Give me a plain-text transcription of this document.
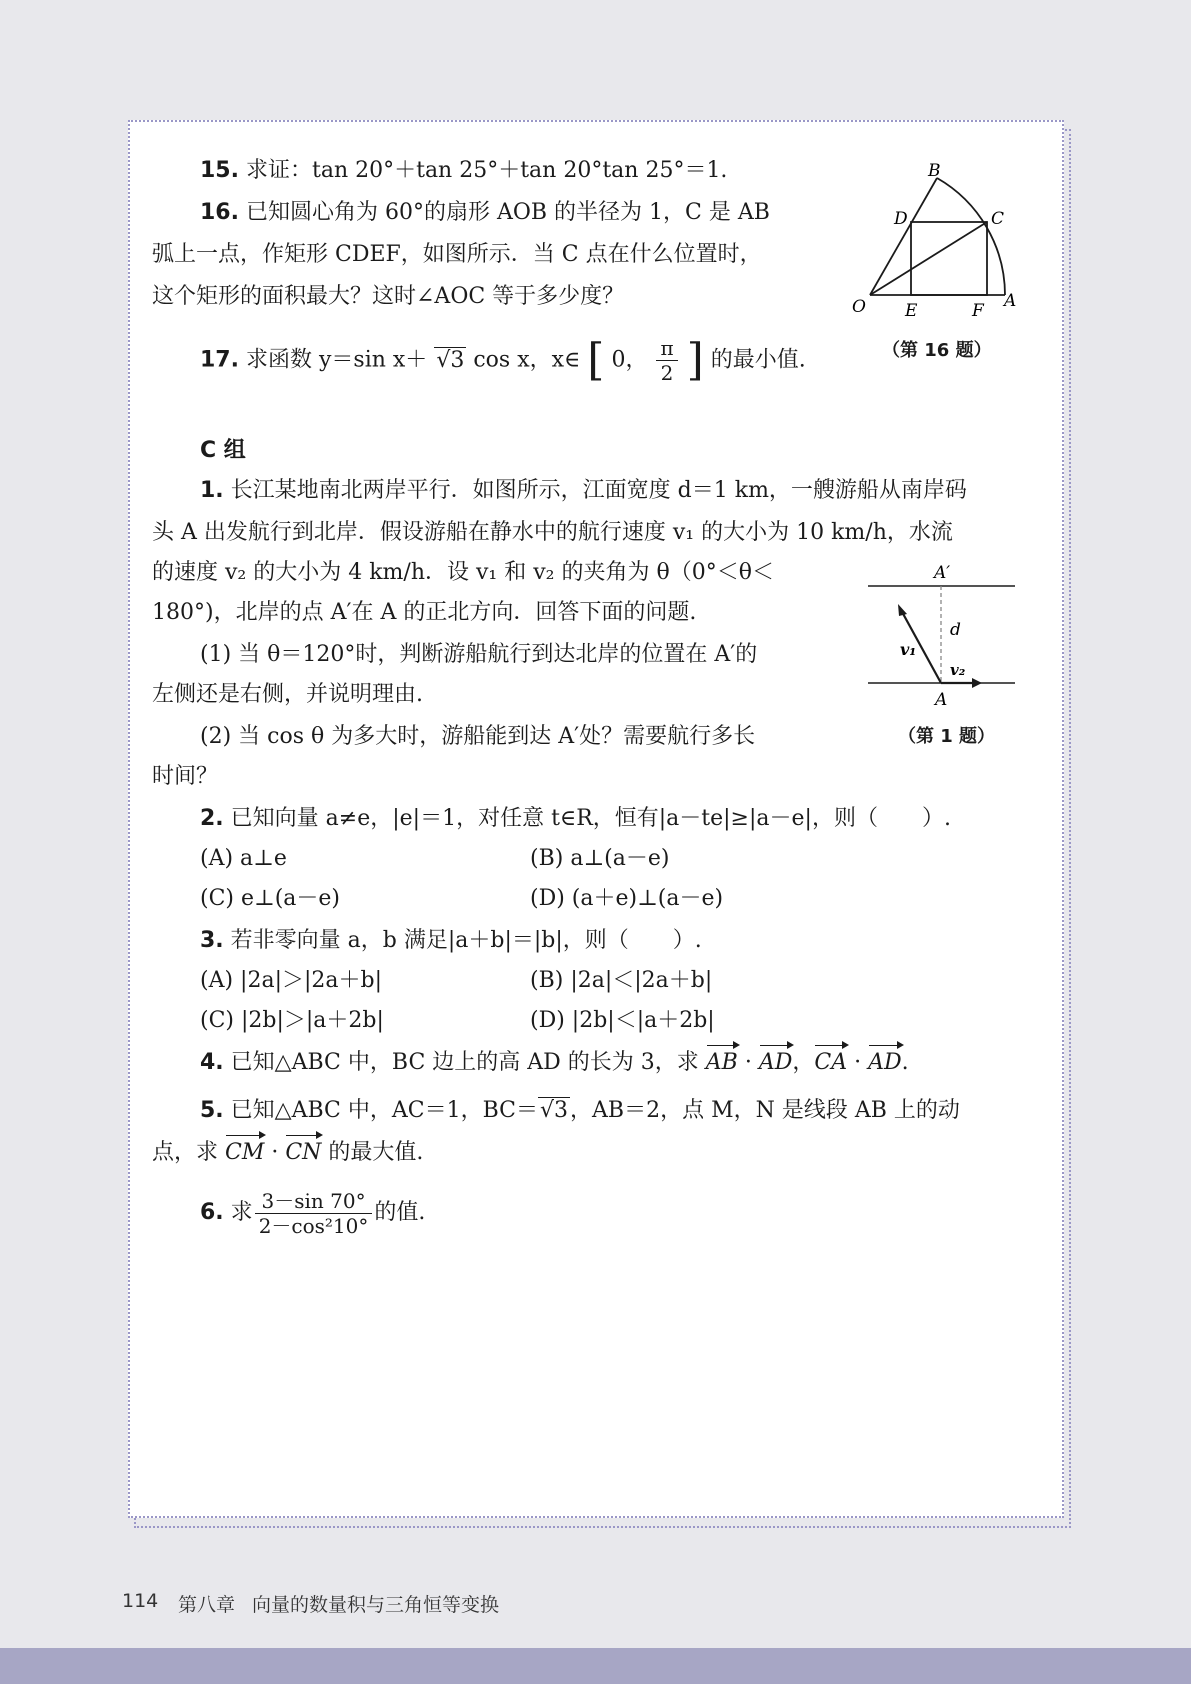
15. 求证：tan 20°＋tan 25°＋tan 20°tan 25°＝1.
16. 已知圆心角为 60°的扇形 AOB 的半径为 1，C 是 AB
弧上一点，作矩形 CDEF，如图所示．当 C 点在什么位置时，
这个矩形的面积最大？这时∠AOC 等于多少度？
17. 求函数 y＝sin x＋ √3 cos x，x∈ [ 0， $\frac{\pi}{2}$ ] 的最小值.
B
D	C
O E	F A
（第 16 题）
C 组
1. 长江某地南北两岸平行．如图所示，江面宽度 d＝1 km，一艘游船从南岸码
头 A 出发航行到北岸．假设游船在静水中的航行速度 v₁ 的大小为 10 km/h，水流
的速度 v₂ 的大小为 4 km/h．设 v₁ 和 v₂ 的夹角为 θ（0°＜θ＜
180°)，北岸的点 A′在 A 的正北方向．回答下面的问题.
(1) 当 θ＝120°时，判断游船航行到达北岸的位置在 A′的
左侧还是右侧，并说明理由.
(2) 当 cos θ 为多大时，游船能到达 A′处？需要航行多长
时间？
A′
d
v₁
v₂
A
（第 1 题）
2. 已知向量 a≠e，|e|＝1，对任意 t∈R，恒有|a－te|≥|a－e|，则（　　）.
(A) a⊥e	(B) a⊥(a－e)
(C) e⊥(a－e)	(D) (a＋e)⊥(a－e)
3. 若非零向量 a，b 满足|a＋b|＝|b|，则（　　）.
(A) |2a|＞|2a＋b|	(B) |2a|＜|2a＋b|
(C) |2b|＞|a＋2b|	(D) |2b|＜|a＋2b|
4. 已知△ABC 中，BC 边上的高 AD 的长为 3，求 AB · AD，CA · AD.
5. 已知△ABC 中，AC＝1，BC＝√3，AB＝2，点 M，N 是线段 AB 上的动
点，求 CM · CN 的最大值.
6. 求 $\frac{3-\sin 70^\circ}{\text{2－cos²10°}}$ 的值.
114 第八章 向量的数量积与三角恒等变换
